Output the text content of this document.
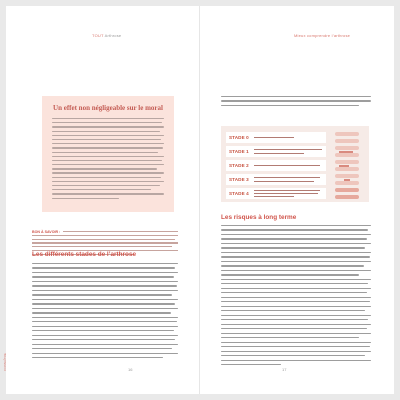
TOUT Arthrose
CONNAÎTRE
Un effet non négligeable sur le moral
BON À SAVOIR :
Les différents stades de l’arthrose
16
Mieux comprendre l’arthrose
STADE 0
STADE 1
STADE 2
STADE 3
STADE 4
Les risques à long terme
17
